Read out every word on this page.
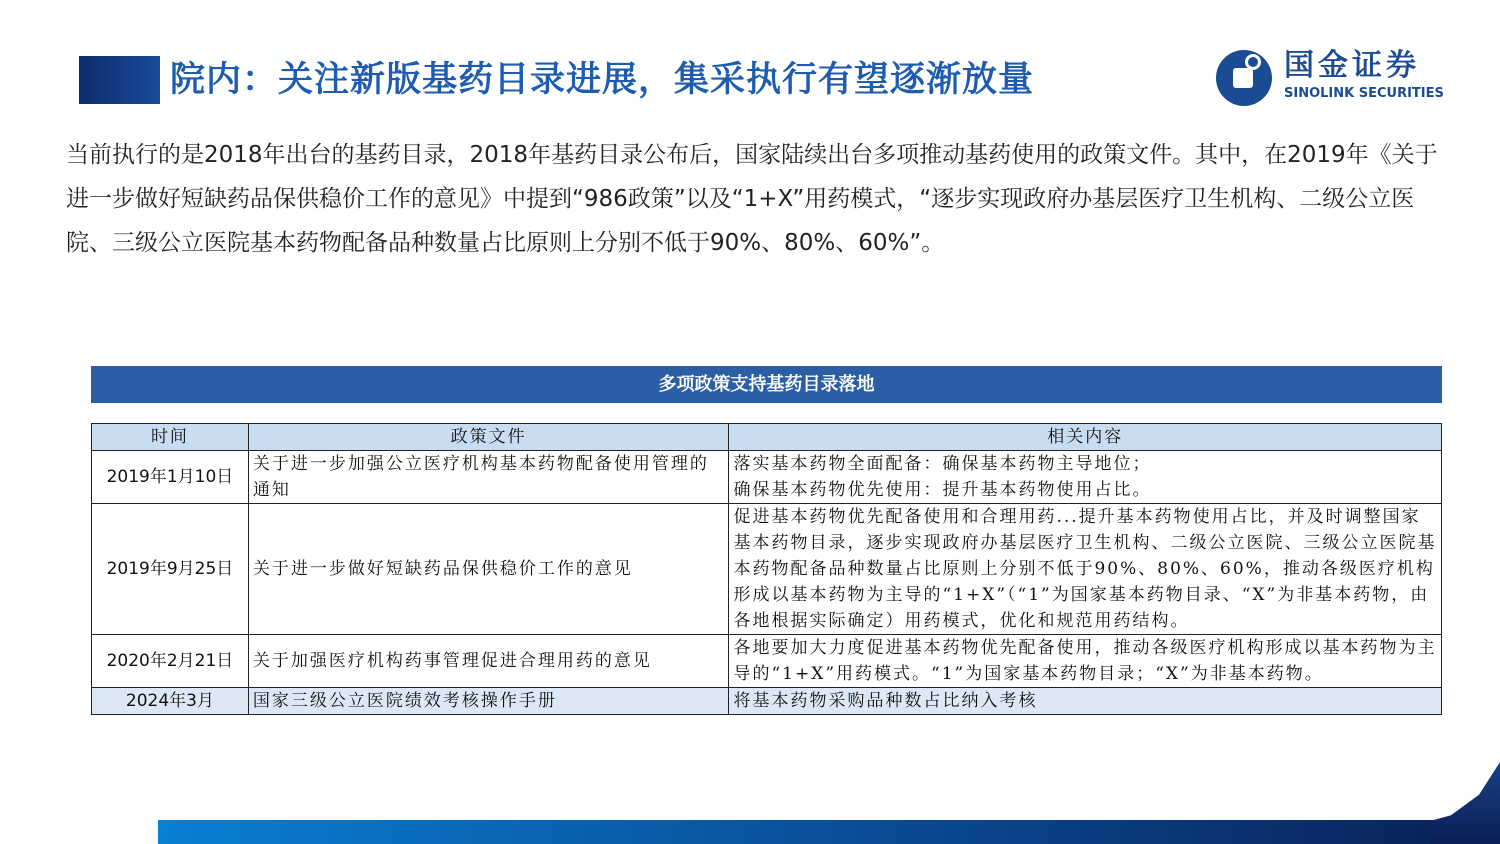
院内：关注新版基药目录进展，集采执行有望逐渐放量	国金证券
SINOLINK SECURITIES
当前执行的是2018年出台的基药目录，2018年基药目录公布后，国家陆续出台多项推动基药使用的政策文件。其中，在2019年《关于进一步做好短缺药品保供稳价工作的意见》中提到“986政策”以及“1+X”用药模式，“逐步实现政府办基层医疗卫生机构、二级公立医院、三级公立医院基本药物配备品种数量占比原则上分别不低于90%、80%、60%”。
多项政策支持基药目录落地
时间	政策文件	相关内容
2019年1月10日	关于进一步加强公立医疗机构基本药物配备使用管理的通知	落实基本药物全面配备：确保基本药物主导地位；
确保基本药物优先使用：提升基本药物使用占比。
2019年9月25日	关于进一步做好短缺药品保供稳价工作的意见	促进基本药物优先配备使用和合理用药...提升基本药物使用占比，并及时调整国家基本药物目录，逐步实现政府办基层医疗卫生机构、二级公立医院、三级公立医院基本药物配备品种数量占比原则上分别不低于90%、80%、60%，推动各级医疗机构形成以基本药物为主导的“1+X”（“1”为国家基本药物目录、“X”为非基本药物，由各地根据实际确定）用药模式，优化和规范用药结构。
2020年2月21日	关于加强医疗机构药事管理促进合理用药的意见	各地要加大力度促进基本药物优先配备使用，推动各级医疗机构形成以基本药物为主导的“1+X”用药模式。“1”为国家基本药物目录；“X”为非基本药物。
2024年3月	国家三级公立医院绩效考核操作手册	将基本药物采购品种数占比纳入考核
